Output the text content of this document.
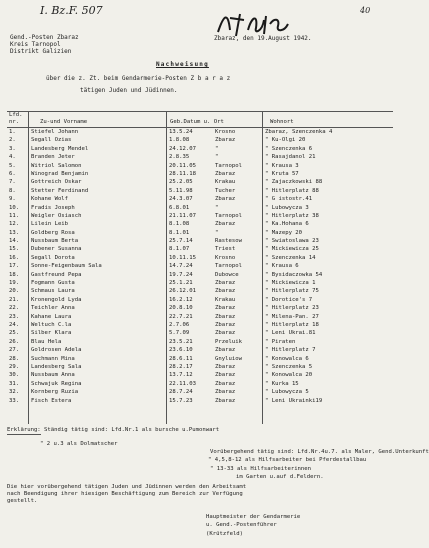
I. Bz.F. 507	40
Gend.-Posten Zbaraz
Kreis Tarnopol
Distrikt Galizien
Zbaraz, den 19.August 1942.
Nachweisung
über die z. Zt. beim Gendarmerie-Posten Z b a r a z
tätigen Juden und Jüdinnen.
Lfd.
nr.	Zu-und Vorname	Geb.Datum u. Ort	Wohnort
1.	Stiefel Johann	13.5.24	Krosno	Zbaraz, Szenczenka 4
2.	Segall Ozias	1.8.08	Zbaraz	" Ku-Olgi 20
3.	Landesberg Mendel	24.12.07	"	" Szenczenka 6
4.	Branden Jeter	2.8.35	"	" Rasajdanol 21
5.	Witriol Salomon	20.11.05	Tarnopol	" Krausa 3
6.	Winograd Benjamin	28.11.18	Zbaraz	" Kruta 57
7.	Gottreich Oskar	25.2.05	Krakau	" Zajaczkowski 88
8.	Stetter Ferdinand	5.11.98	Tucher	" Hitlerplatz 88
9.	Kohane Wolf	24.3.07	Zbaraz	" G istostr.41
10.	Fradis Joseph	6.8.01	"	" Lubowycza 3
11.	Weigler Osiasch	21.11.07	Tarnopol	" Hitlerplatz 38
12.	Lilein Leib	8.1.08	Zbaraz	" Ka.Hohana 6
13.	Goldberg Rosa	8.1.01	"	" Mazepy 20
14.	Nussbaum Berta	25.7.14	Rastesow	" Swiatoslawa 23
15.	Dubener Susanna	8.1.07	Triest	" Mickiewicza 25
16.	Segall Dorota	10.11.15	Krosno	" Szenczenka 14
17.	Sonne-Feigenbaum Sala	14.7.24	Tarnopol	" Krausa 6
18.	Gastfreund Pepa	19.7.24	Dubowce	" Bysidaczowka 54
19.	Fogmann Gusta	25.1.21	Zbaraz	" Mickiewicza 1
20.	Schmaus Laura	26.12.01	Zbaraz	" Hitlerplatz 75
21.	Kronengold Lyda	16.2.12	Krakau	" Dorotice's 7
22.	Teichler Anna	20.8.10	Zbaraz	" Hitlerplatz 23
23.	Kahane Laura	22.7.21	Zbaraz	" Milena-Pan. 27
24.	Weltuch C.la	2.7.06	Zbaraz	" Hitlerplatz 18
25.	Silber Klara	5.7.09	Zbaraz	" Leni Ukrai.81
26.	Blau Hela	23.5.21	Przeluik	" Piraten
27.	Goldrosen Adela	23.6.10	Zbaraz	" Hitlerplatz 7
28.	Suchmann Mina	28.6.11	Gnyluiow	" Konowalca 6
29.	Landesberg Sala	28.2.17	Zbaraz	" Szenczenka 5
30.	Nussbaum Anna	13.7.12	Zbaraz	" Konowalca 20
31.	Schwajuk Regina	22.11.03	Zbaraz	" Kurka 15
32.	Kornberg Ruzia	28.7.24	Zbaraz	" Lubowycza 5
33.	Fisch Estera	15.7.23	Zbaraz	" Leni Ukrainki19
Erklärung: Ständig tätig sind: Lfd.Nr.1 als bursche u.Pumonwart
" 2 u.3 als Dolmatscher
Vorübergehend tätig sind: Lfd.Nr.4u.7. als Maler, Gend.Unterkunft
" 4,5,8-12 als Hilfsarbeiter bei Pferdestallbau
" 13-33 als Hilfsarbeiterinnen
im Garten u.auf d.Feldern.
Die hier vorübergehend tätigen Juden und Jüdinnen werden den Arbeitsamt
nach Beendigung ihrer hiesigen Beschäftigung zum Bereich zur Verfügung
gestellt.
Hauptmeister der Gendarmerie
u. Gend.-Postenführer
(Krützfeld)
